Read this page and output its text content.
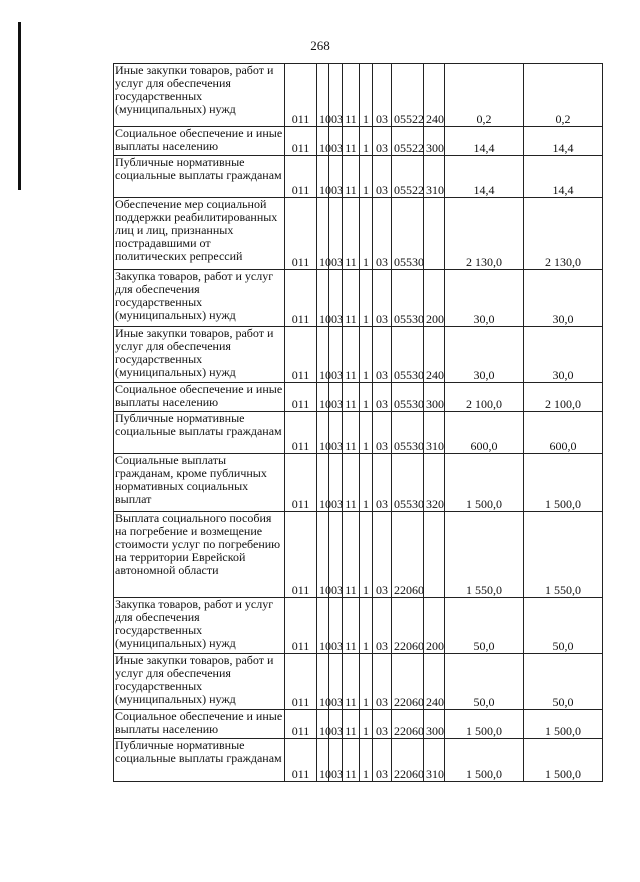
268
Иные закупки товаров, работ и услуг для обеспечения государственных (муниципальных) нужд	011	10	03	11	1	03	05522	240	0,2	0,2
Социальное обеспечение и иные выплаты населению	011	10	03	11	1	03	05522	300	14,4	14,4
Публичные нормативные социальные выплаты гражданам	011	10	03	11	1	03	05522	310	14,4	14,4
Обеспечение мер социальной поддержки реабилитированных лиц и лиц, признанных пострадавшими от политических репрессий	011	10	03	11	1	03	05530		2 130,0	2 130,0
Закупка товаров, работ и услуг для обеспечения государственных (муниципальных) нужд	011	10	03	11	1	03	05530	200	30,0	30,0
Иные закупки товаров, работ и услуг для обеспечения государственных (муниципальных) нужд	011	10	03	11	1	03	05530	240	30,0	30,0
Социальное обеспечение и иные выплаты населению	011	10	03	11	1	03	05530	300	2 100,0	2 100,0
Публичные нормативные социальные выплаты гражданам	011	10	03	11	1	03	05530	310	600,0	600,0
Социальные выплаты гражданам, кроме публичных нормативных социальных выплат	011	10	03	11	1	03	05530	320	1 500,0	1 500,0
Выплата социального пособия на погребение и возмещение стоимости услуг по погребению на территории Еврейской автономной области	011	10	03	11	1	03	22060		1 550,0	1 550,0
Закупка товаров, работ и услуг для обеспечения государственных (муниципальных) нужд	011	10	03	11	1	03	22060	200	50,0	50,0
Иные закупки товаров, работ и услуг для обеспечения государственных (муниципальных) нужд	011	10	03	11	1	03	22060	240	50,0	50,0
Социальное обеспечение и иные выплаты населению	011	10	03	11	1	03	22060	300	1 500,0	1 500,0
Публичные нормативные социальные выплаты гражданам	011	10	03	11	1	03	22060	310	1 500,0	1 500,0
